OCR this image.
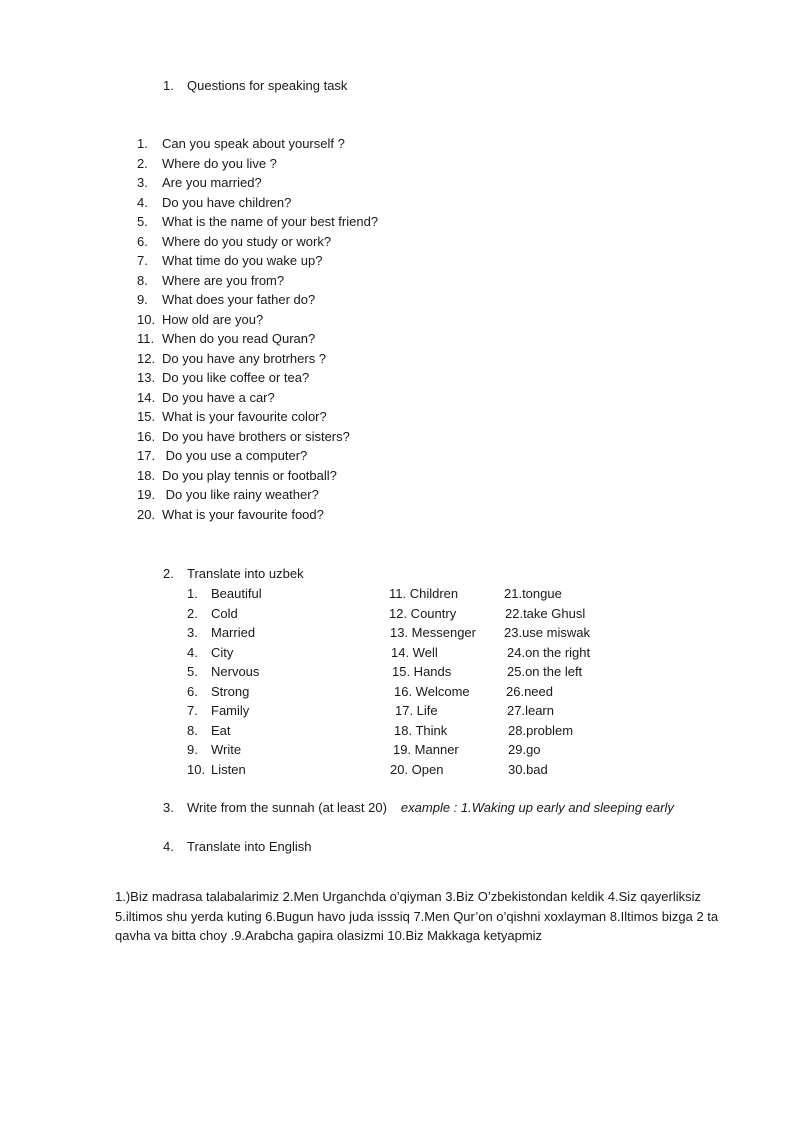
1. Questions for speaking task
1. Can you speak about yourself ?
2. Where do you live ?
3. Are you married?
4. Do you have children?
5. What is the name of your best friend?
6. Where do you study or work?
7. What time do you wake up?
8. Where are you from?
9. What does your father do?
10. How old are you?
11. When do you read Quran?
12. Do you have any brotrhers ?
13. Do you like coffee or tea?
14. Do you have a car?
15. What is your favourite color?
16. Do you have brothers or sisters?
17. Do you use a computer?
18. Do you play tennis or football?
19. Do you like rainy weather?
20. What is your favourite food?
2. Translate into uzbek
1. Beautiful
2. Cold
3. Married
4. City
5. Nervous
6. Strong
7. Family
8. Eat
9. Write
10. Listen
11. Children
12. Country
13. Messenger
14. Well
15. Hands
16. Welcome
17. Life
18. Think
19. Manner
20. Open
21.tongue
22.take Ghusl
23.use miswak
24.on the right
25.on the left
26.need
27.learn
28.problem
29.go
30.bad
3. Write from the sunnah (at least 20) example : 1.Waking up early and sleeping early
4. Translate into English
1.)Biz madrasa talabalarimiz 2.Men Urganchda o’qiyman 3.Biz O’zbekistondan keldik 4.Siz qayerliksiz 5.iltimos shu yerda kuting 6.Bugun havo juda isssiq 7.Men Qur’on o’qishni xoxlayman 8.Iltimos bizga 2 ta qavha va bitta choy .9.Arabcha gapira olasizmi 10.Biz Makkaga ketyapmiz
